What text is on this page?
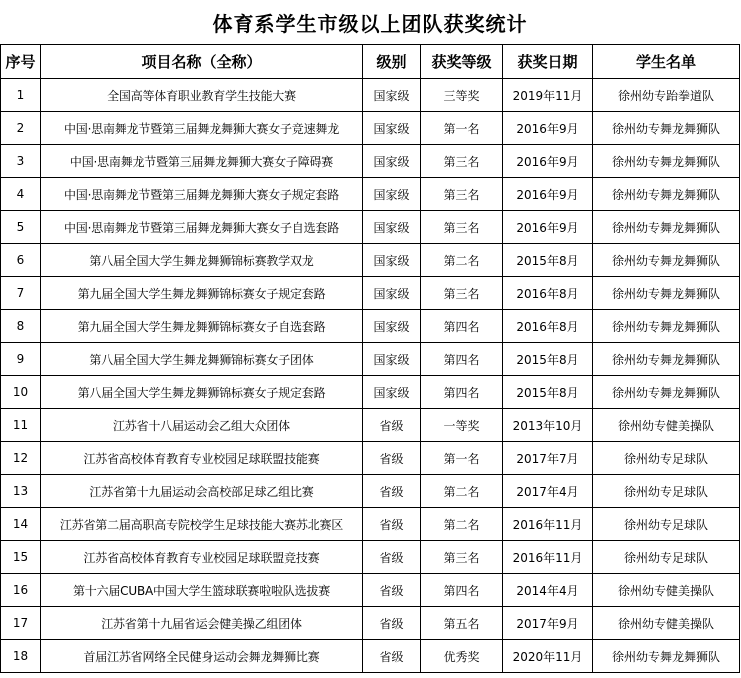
体育系学生市级以上团队获奖统计
序号	项目名称（全称）	级别	获奖等级	获奖日期	学生名单
1	全国高等体育职业教育学生技能大赛	国家级	三等奖	2019年11月	徐州幼专跆拳道队
2	中国·思南舞龙节暨第三届舞龙舞狮大赛女子竞速舞龙	国家级	第一名	2016年9月	徐州幼专舞龙舞狮队
3	中国·思南舞龙节暨第三届舞龙舞狮大赛女子障碍赛	国家级	第三名	2016年9月	徐州幼专舞龙舞狮队
4	中国·思南舞龙节暨第三届舞龙舞狮大赛女子规定套路	国家级	第三名	2016年9月	徐州幼专舞龙舞狮队
5	中国·思南舞龙节暨第三届舞龙舞狮大赛女子自选套路	国家级	第三名	2016年9月	徐州幼专舞龙舞狮队
6	第八届全国大学生舞龙舞狮锦标赛教学双龙	国家级	第二名	2015年8月	徐州幼专舞龙舞狮队
7	第九届全国大学生舞龙舞狮锦标赛女子规定套路	国家级	第三名	2016年8月	徐州幼专舞龙舞狮队
8	第九届全国大学生舞龙舞狮锦标赛女子自选套路	国家级	第四名	2016年8月	徐州幼专舞龙舞狮队
9	第八届全国大学生舞龙舞狮锦标赛女子团体	国家级	第四名	2015年8月	徐州幼专舞龙舞狮队
10	第八届全国大学生舞龙舞狮锦标赛女子规定套路	国家级	第四名	2015年8月	徐州幼专舞龙舞狮队
11	江苏省十八届运动会乙组大众团体	省级	一等奖	2013年10月	徐州幼专健美操队
12	江苏省高校体育教育专业校园足球联盟技能赛	省级	第一名	2017年7月	徐州幼专足球队
13	江苏省第十九届运动会高校部足球乙组比赛	省级	第二名	2017年4月	徐州幼专足球队
14	江苏省第二届高职高专院校学生足球技能大赛苏北赛区	省级	第二名	2016年11月	徐州幼专足球队
15	江苏省高校体育教育专业校园足球联盟竞技赛	省级	第三名	2016年11月	徐州幼专足球队
16	第十六届CUBA中国大学生篮球联赛啦啦队选拔赛	省级	第四名	2014年4月	徐州幼专健美操队
17	江苏省第十九届省运会健美操乙组团体	省级	第五名	2017年9月	徐州幼专健美操队
18	首届江苏省网络全民健身运动会舞龙舞狮比赛	省级	优秀奖	2020年11月	徐州幼专舞龙舞狮队
